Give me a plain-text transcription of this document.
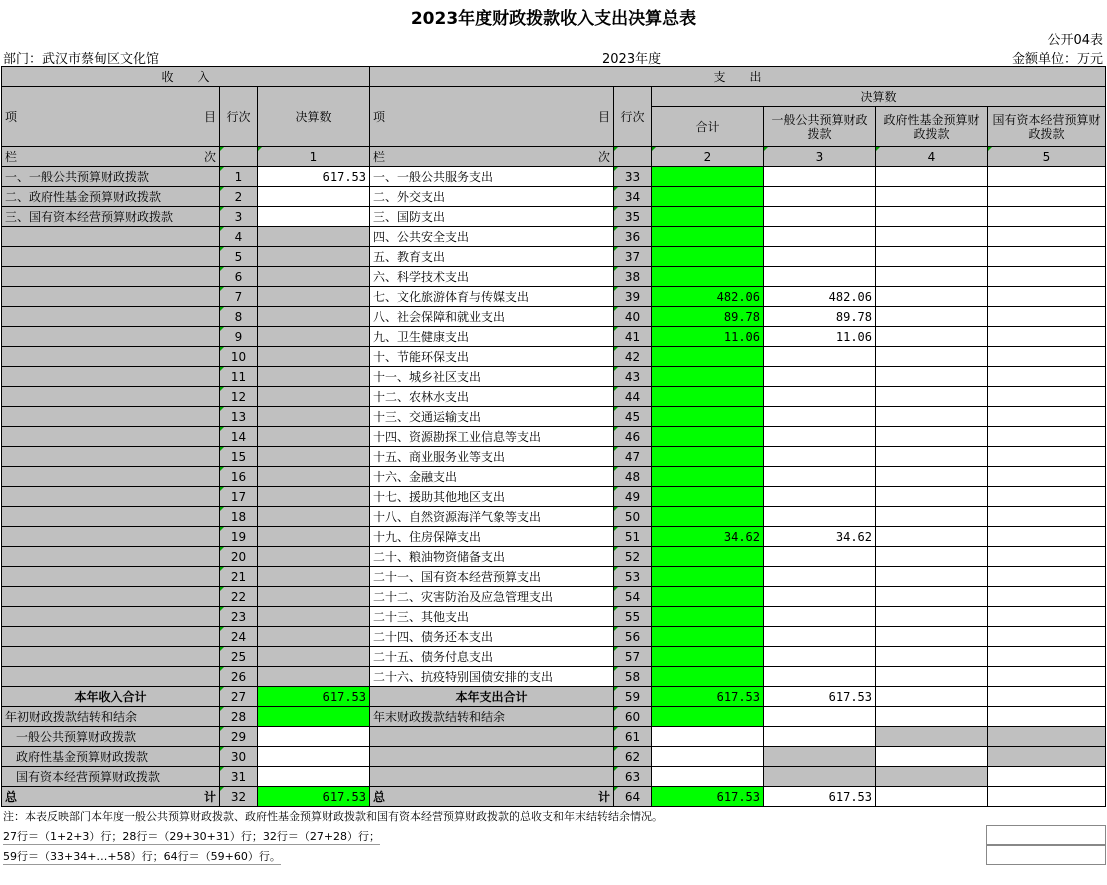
2023年度财政拨款收入支出决算总表
公开04表
部门：武汉市蔡甸区文化馆	2023年度	金额单位：万元
收　　入			支　　出					

项 目	行次	决算数	项 目	行次	决算数			
					合计	一般公共预算财政拨款	政府性基金预算财政拨款	国有资本经营预算财政拨款

栏 次		1	栏 次		2	3	4	5
一、一般公共预算财政拨款	1	617.53	一、一般公共服务支出	33				
二、政府性基金预算财政拨款	2		二、外交支出	34				
三、国有资本经营预算财政拨款	3		三、国防支出	35				
	4		四、公共安全支出	36				
	5		五、教育支出	37				
	6		六、科学技术支出	38				
	7		七、文化旅游体育与传媒支出	39	482.06	482.06		
	8		八、社会保障和就业支出	40	89.78	89.78		
	9		九、卫生健康支出	41	11.06	11.06		
	10		十、节能环保支出	42				
	11		十一、城乡社区支出	43				
	12		十二、农林水支出	44				
	13		十三、交通运输支出	45				
	14		十四、资源勘探工业信息等支出	46				
	15		十五、商业服务业等支出	47				
	16		十六、金融支出	48				
	17		十七、援助其他地区支出	49				
	18		十八、自然资源海洋气象等支出	50				
	19		十九、住房保障支出	51	34.62	34.62		
	20		二十、粮油物资储备支出	52				
	21		二十一、国有资本经营预算支出	53				
	22		二十二、灾害防治及应急管理支出	54				
	23		二十三、其他支出	55				
	24		二十四、债务还本支出	56				
	25		二十五、债务付息支出	57				
	26		二十六、抗疫特别国债安排的支出	58				
本年收入合计	27	617.53	本年支出合计	59	617.53	617.53		
年初财政拨款结转和结余	28		年末财政拨款结转和结余	60				
一般公共预算财政拨款	29			61				
政府性基金预算财政拨款	30			62				
国有资本经营预算财政拨款	31			63				

总 计	32	617.53	总 计	64	617.53	617.53		
注：本表反映部门本年度一般公共预算财政拨款、政府性基金预算财政拨款和国有资本经营预算财政拨款的总收支和年末结转结余情况。
27行＝（1+2+3）行；28行＝（29+30+31）行；32行＝（27+28）行；
59行＝（33+34+…+58）行；64行＝（59+60）行。
